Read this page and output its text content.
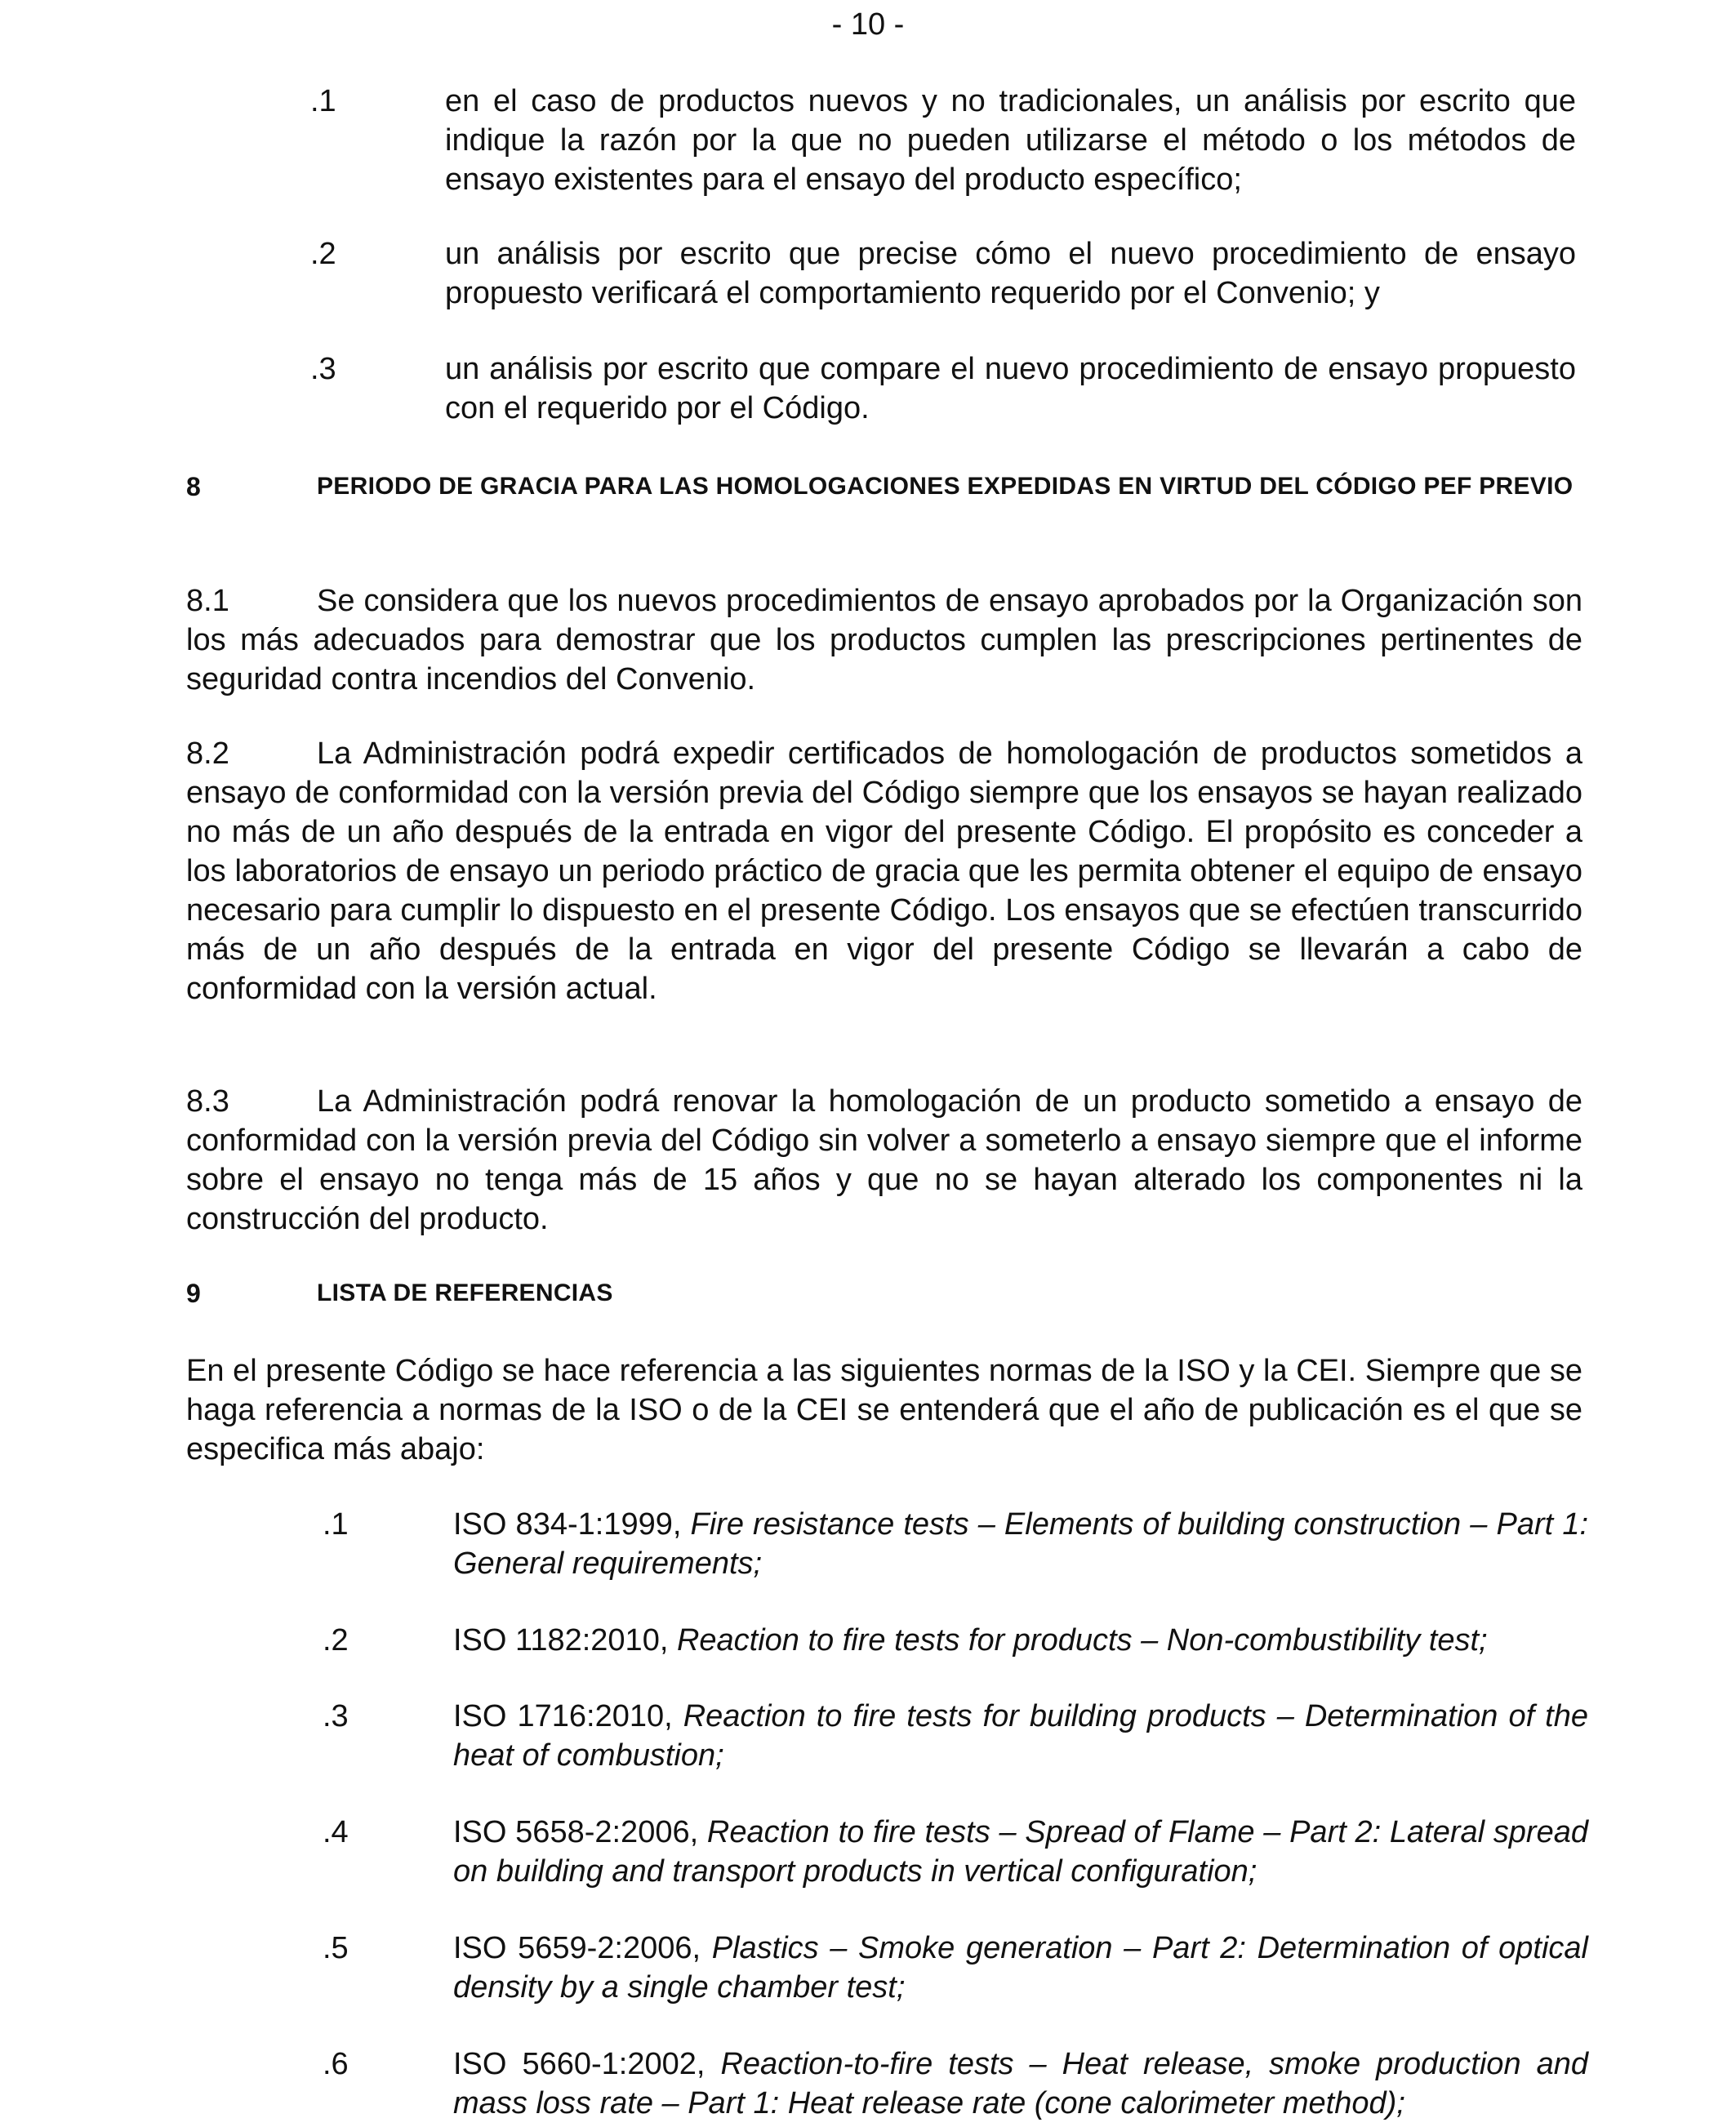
- 10 -
.1	en el caso de productos nuevos y no tradicionales, un análisis por escrito que indique la razón por la que no pueden utilizarse el método o los métodos de ensayo existentes para el ensayo del producto específico;
.2	un análisis por escrito que precise cómo el nuevo procedimiento de ensayo propuesto verificará el comportamiento requerido por el Convenio; y
.3	un análisis por escrito que compare el nuevo procedimiento de ensayo propuesto con el requerido por el Código.
8	PERIODO DE GRACIA PARA LAS HOMOLOGACIONES EXPEDIDAS EN VIRTUD DEL CÓDIGO PEF PREVIO
8.1	Se considera que los nuevos procedimientos de ensayo aprobados por la Organización son los más adecuados para demostrar que los productos cumplen las prescripciones pertinentes de seguridad contra incendios del Convenio.
8.2	La Administración podrá expedir certificados de homologación de productos sometidos a ensayo de conformidad con la versión previa del Código siempre que los ensayos se hayan realizado no más de un año después de la entrada en vigor del presente Código. El propósito es conceder a los laboratorios de ensayo un periodo práctico de gracia que les permita obtener el equipo de ensayo necesario para cumplir lo dispuesto en el presente Código. Los ensayos que se efectúen transcurrido más de un año después de la entrada en vigor del presente Código se llevarán a cabo de conformidad con la versión actual.
8.3	La Administración podrá renovar la homologación de un producto sometido a ensayo de conformidad con la versión previa del Código sin volver a someterlo a ensayo siempre que el informe sobre el ensayo no tenga más de 15 años y que no se hayan alterado los componentes ni la construcción del producto.
9	LISTA DE REFERENCIAS
En el presente Código se hace referencia a las siguientes normas de la ISO y la CEI. Siempre que se haga referencia a normas de la ISO o de la CEI se entenderá que el año de publicación es el que se especifica más abajo:
.1	ISO 834-1:1999, Fire resistance tests – Elements of building construction – Part 1: General requirements;
.2	ISO 1182:2010, Reaction to fire tests for products – Non-combustibility test;
.3	ISO 1716:2010, Reaction to fire tests for building products – Determination of the heat of combustion;
.4	ISO 5658-2:2006, Reaction to fire tests – Spread of Flame – Part 2: Lateral spread on building and transport products in vertical configuration;
.5	ISO 5659-2:2006, Plastics – Smoke generation – Part 2: Determination of optical density by a single chamber test;
.6	ISO 5660-1:2002, Reaction-to-fire tests – Heat release, smoke production and mass loss rate – Part 1: Heat release rate (cone calorimeter method);
